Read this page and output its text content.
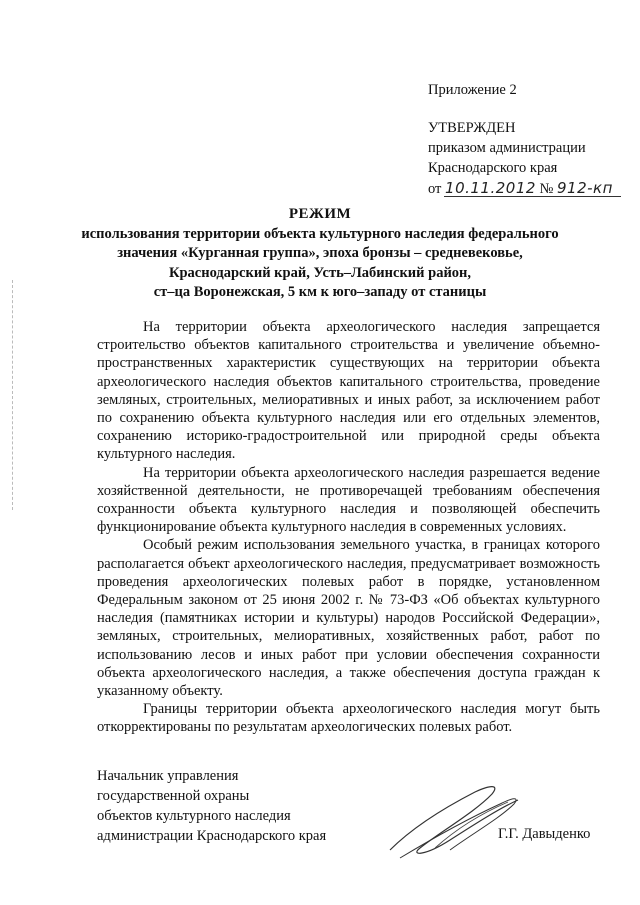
Приложение 2
УТВЕРЖДЕН
приказом администрации
Краснодарского края
от 10.11.2012 № 912-кп
РЕЖИМ
использования территории объекта культурного наследия федерального
значения «Курганная группа», эпоха бронзы – средневековье,
Краснодарский край, Усть–Лабинский район,
ст–ца Воронежская, 5 км к юго–западу от станицы

На территории объекта археологического наследия запрещается строительство объектов капитального строительства и увеличение объемно-пространственных характеристик существующих на территории объекта археологического наследия объектов капитального строительства, проведение земляных, строительных, мелиоративных и иных работ, за исключением работ по сохранению объекта культурного наследия или его отдельных элементов, сохранению историко-градостроительной или природной среды объекта культурного наследия.

На территории объекта археологического наследия разрешается ведение хозяйственной деятельности, не противоречащей требованиям обеспечения сохранности объекта культурного наследия и позволяющей обеспечить функционирование объекта культурного наследия в современных условиях.

Особый режим использования земельного участка, в границах которого располагается объект археологического наследия, предусматривает возможность проведения археологических полевых работ в порядке, установленном Федеральным законом от 25 июня 2002 г. № 73-ФЗ «Об объектах культурного наследия (памятниках истории и культуры) народов Российской Федерации», земляных, строительных, мелиоративных, хозяйственных работ, работ по использованию лесов и иных работ при условии обеспечения сохранности объекта археологического наследия, а также обеспечения доступа граждан к указанному объекту.

Границы территории объекта археологического наследия могут быть откорректированы по результатам археологических полевых работ.

Начальник управления
государственной охраны
объектов культурного наследия
администрации Краснодарского края	Г.Г. Давыденко
